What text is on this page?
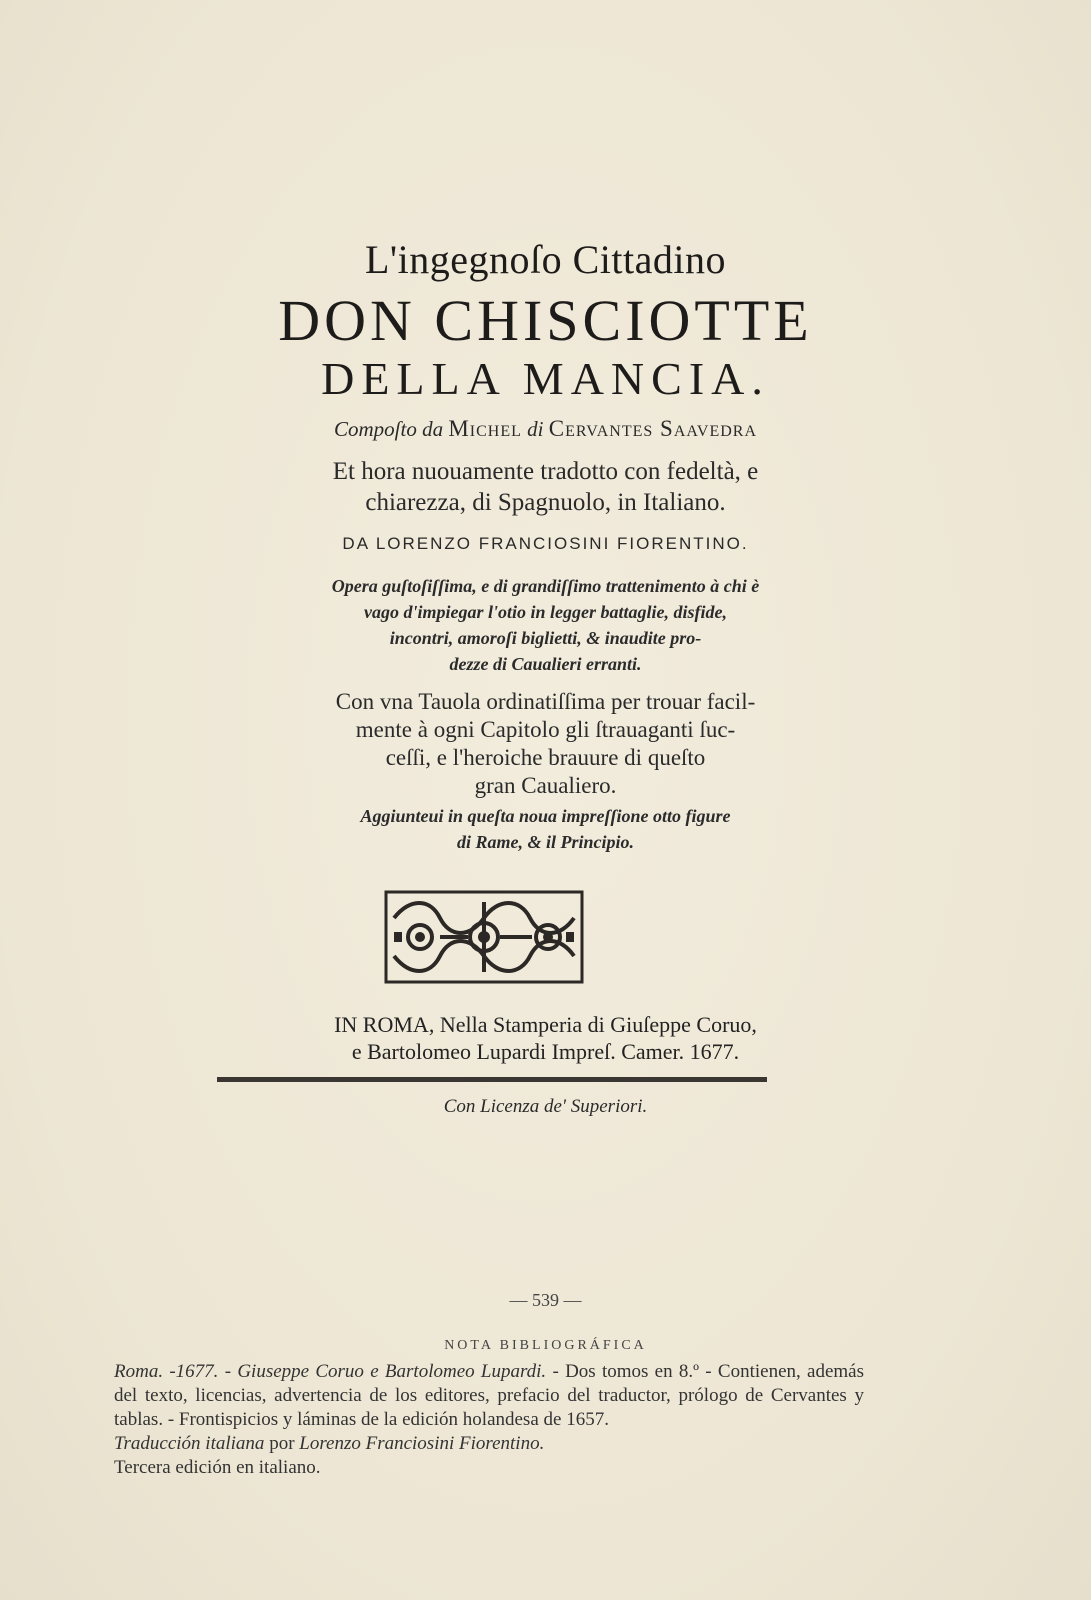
L'ingegnoſo Cittadino
DON CHISCIOTTE
DELLA MANCIA.
Compoſto da Michel di Cervantes Saavedra
Et hora nuouamente tradotto con fedeltà, e
chiarezza, di Spagnuolo, in Italiano.
DA LORENZO FRANCIOSINI FIORENTINO.
Opera guſtoſiſſima, e di grandiſſimo trattenimento à chi è
vago d'impiegar l'otio in legger battaglie, disfide,
incontri, amoroſi biglietti, & inaudite pro-
dezze di Caualieri erranti.
Con vna Tauola ordinatiſſima per trouar facil-
mente à ogni Capitolo gli ſtrauaganti ſuc-
ceſſi, e l'heroiche brauure di queſto
gran Caualiero.
Aggiunteui in queſta noua impreſſione otto figure
di Rame, & il Principio.
IN ROMA, Nella Stamperia di Giuſeppe Coruo,
e Bartolomeo Lupardi Impreſ. Camer. 1677.
Con Licenza de' Superiori.
— 539 —
NOTA BIBLIOGRÁFICA

Roma. -1677. - Giuseppe Coruo e Bartolomeo Lupardi. - Dos tomos en 8.º - Contienen, además del texto, licencias, advertencia de los editores, prefacio del traductor, prólogo de Cervantes y tablas. - Frontispicios y láminas de la edición holandesa de 1657.

Traducción italiana por Lorenzo Franciosini Fiorentino.

Tercera edición en italiano.
